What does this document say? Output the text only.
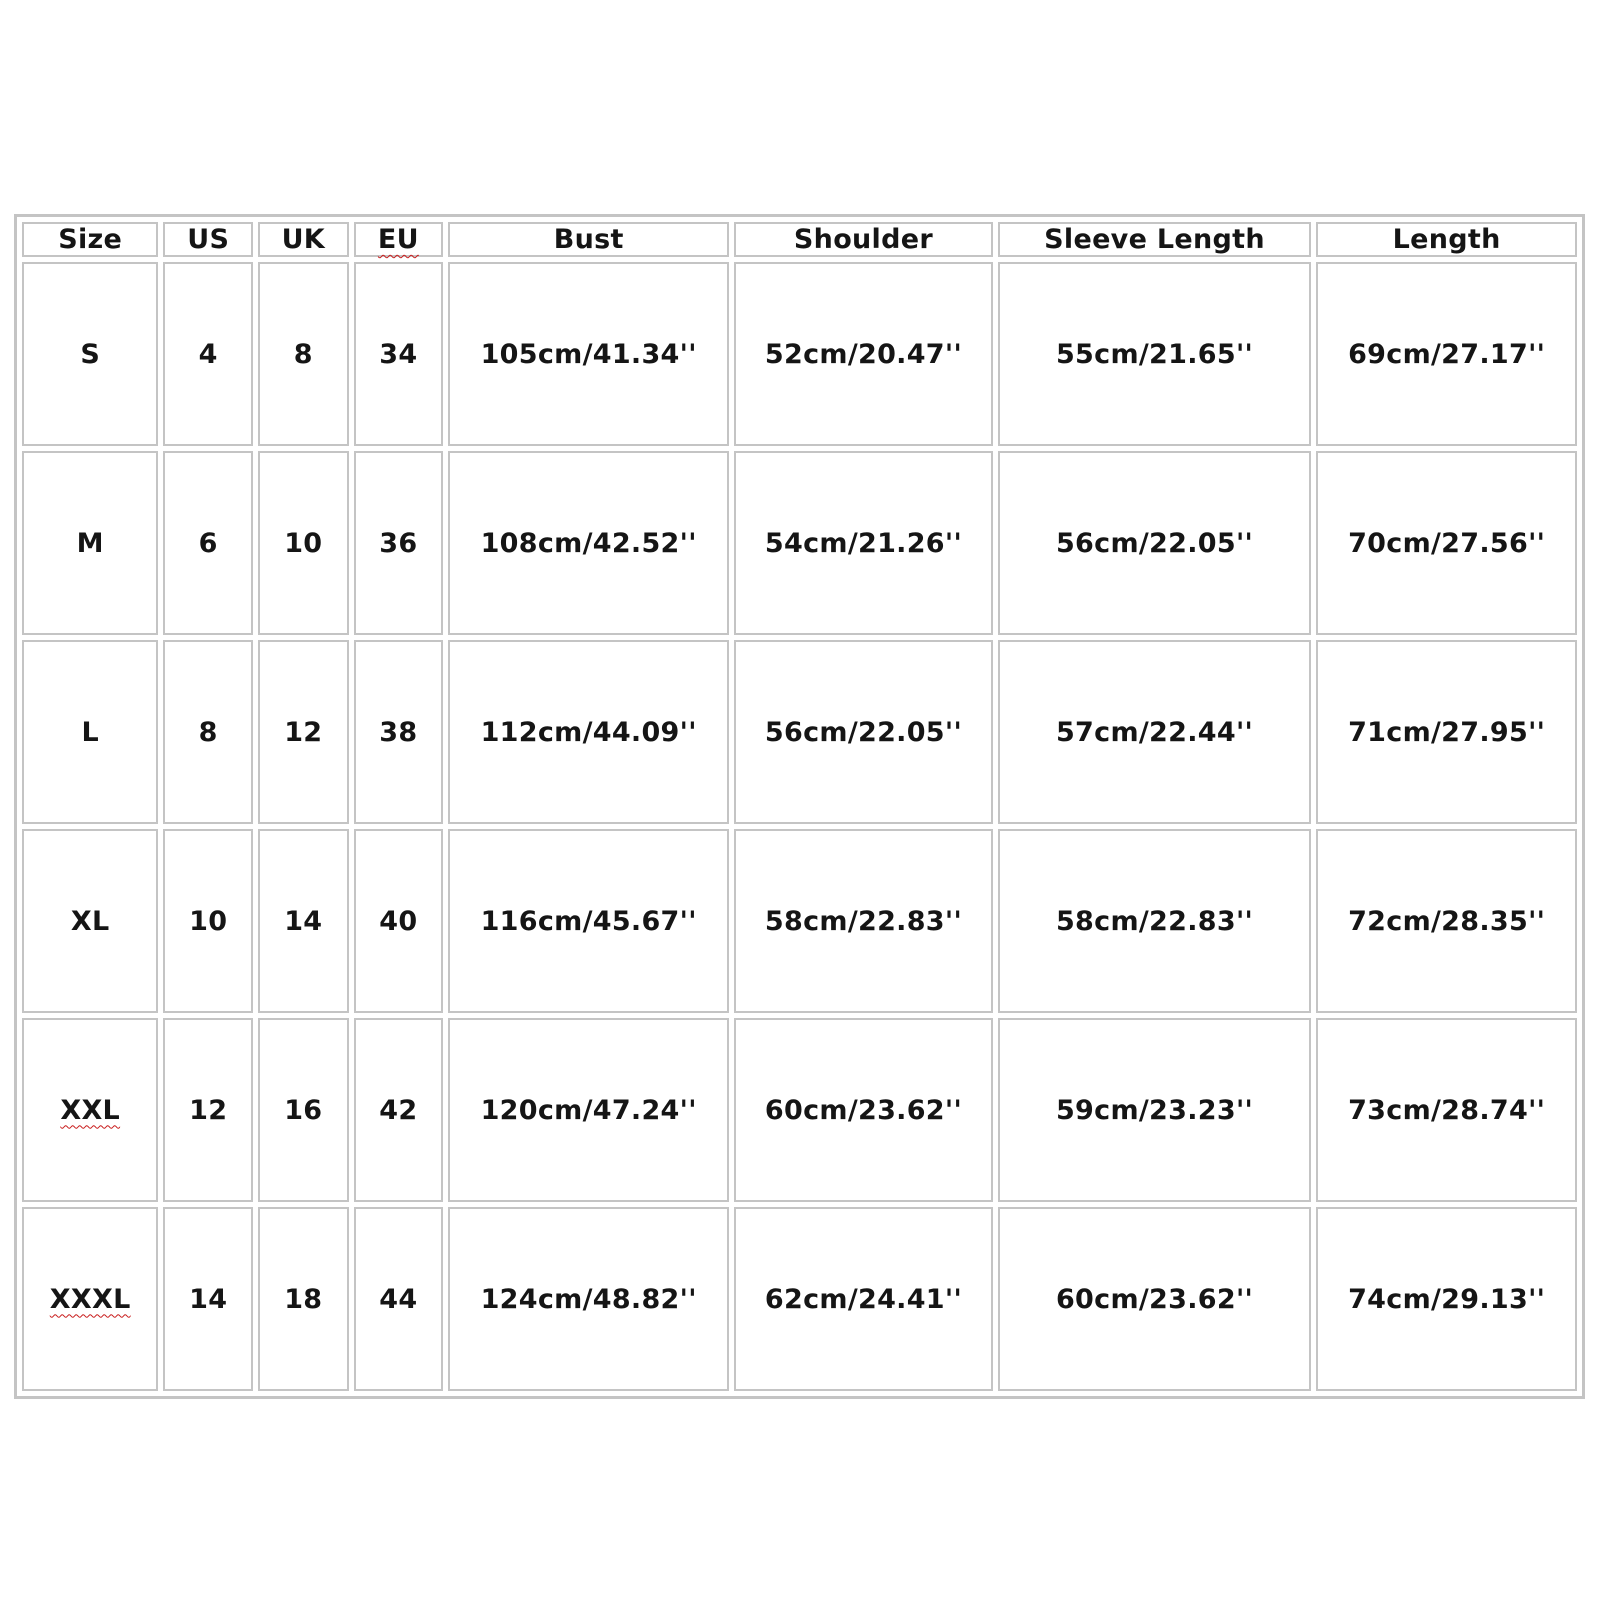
Size	US	UK	EU	Bust	Shoulder	Sleeve Length	Length
S	4	8	34	105cm/41.34''	52cm/20.47''	55cm/21.65''	69cm/27.17''
M	6	10	36	108cm/42.52''	54cm/21.26''	56cm/22.05''	70cm/27.56''
L	8	12	38	112cm/44.09''	56cm/22.05''	57cm/22.44''	71cm/27.95''
XL	10	14	40	116cm/45.67''	58cm/22.83''	58cm/22.83''	72cm/28.35''
XXL	12	16	42	120cm/47.24''	60cm/23.62''	59cm/23.23''	73cm/28.74''
XXXL	14	18	44	124cm/48.82''	62cm/24.41''	60cm/23.62''	74cm/29.13''
